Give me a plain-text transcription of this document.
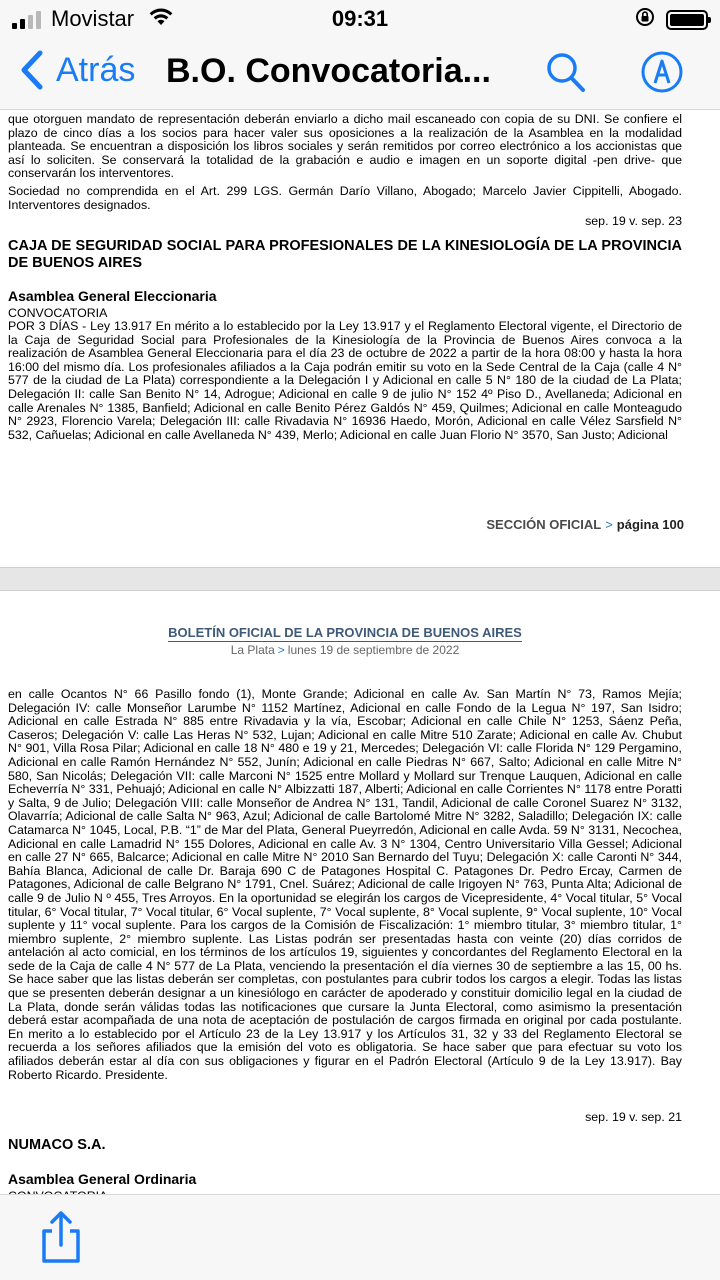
Movistar	09:31
Atrás B.O. Convocatoria...

que otorguen mandato de representación deberán enviarlo a dicho mail escaneado con copia de su DNI. Se confiere el plazo de cinco días a los socios para hacer valer sus oposiciones a la realización de la Asamblea en la modalidad planteada. Se encuentran a disposición los libros sociales y serán remitidos por correo electrónico a los accionistas que así lo soliciten. Se conservará la totalidad de la grabación e audio e imagen en un soporte digital -pen drive- que conservarán los interventores.

Sociedad no comprendida en el Art. 299 LGS. Germán Darío Villano, Abogado; Marcelo Javier Cippitelli, Abogado. Interventores designados.

sep. 19 v. sep. 23
CAJA DE SEGURIDAD SOCIAL PARA PROFESIONALES DE LA KINESIOLOGÍA DE LA PROVINCIA DE BUENOS AIRES
Asamblea General Eleccionaria
CONVOCATORIA

POR 3 DÍAS - Ley 13.917 En mérito a lo establecido por la Ley 13.917 y el Reglamento Electoral vigente, el Directorio de la Caja de Seguridad Social para Profesionales de la Kinesiología de la Provincia de Buenos Aires convoca a la realización de Asamblea General Eleccionaria para el día 23 de octubre de 2022 a partir de la hora 08:00 y hasta la hora 16:00 del mismo día. Los profesionales afiliados a la Caja podrán emitir su voto en la Sede Central de la Caja (calle 4 N° 577 de la ciudad de La Plata) correspondiente a la Delegación I y Adicional en calle 5 N° 180 de la ciudad de La Plata; Delegación II: calle San Benito N° 14, Adrogue; Adicional en calle 9 de julio N° 152 4º Piso D., Avellaneda; Adicional en calle Arenales N° 1385, Banfield; Adicional en calle Benito Pérez Galdós N° 459, Quilmes; Adicional en calle Monteagudo N° 2923, Florencio Varela; Delegación III: calle Rivadavia N° 16936 Haedo, Morón, Adicional en calle Vélez Sarsfield N° 532, Cañuelas; Adicional en calle Avellaneda N° 439, Merlo; Adicional en calle Juan Florio N° 3570, San Justo; Adicional

SECCIÓN OFICIAL > página 100
BOLETÍN OFICIAL DE LA PROVINCIA DE BUENOS AIRES
La Plata > lunes 19 de septiembre de 2022

en calle Ocantos N° 66 Pasillo fondo (1), Monte Grande; Adicional en calle Av. San Martín N° 73, Ramos Mejía; Delegación IV: calle Monseñor Larumbe N° 1152 Martínez, Adicional en calle Fondo de la Legua N° 197, San Isidro; Adicional en calle Estrada N° 885 entre Rivadavia y la vía, Escobar; Adicional en calle Chile N° 1253, Sáenz Peña, Caseros; Delegación V: calle Las Heras N° 532, Lujan; Adicional en calle Mitre 510 Zarate; Adicional en calle Av. Chubut N° 901, Villa Rosa Pilar; Adicional en calle 18 N° 480 e 19 y 21, Mercedes; Delegación VI: calle Florida N° 129 Pergamino, Adicional en calle Ramón Hernández N° 552, Junín; Adicional en calle Piedras N° 667, Salto; Adicional en calle Mitre N° 580, San Nicolás; Delegación VII: calle Marconi N° 1525 entre Mollard y Mollard sur Trenque Lauquen, Adicional en calle Echeverría N° 331, Pehuajó; Adicional en calle N° Albizzatti 187, Alberti; Adicional en calle Corrientes N° 1178 entre Poratti y Salta, 9 de Julio; Delegación VIII: calle Monseñor de Andrea N° 131, Tandil, Adicional de calle Coronel Suarez N° 3132, Olavarría; Adicional de calle Salta N° 963, Azul; Adicional de calle Bartolomé Mitre N° 3282, Saladillo; Delegación IX: calle Catamarca N° 1045, Local, P.B. “1” de Mar del Plata, General Pueyrredón, Adicional en calle Avda. 59 N° 3131, Necochea, Adicional en calle Lamadrid N° 155 Dolores, Adicional en calle Av. 3 N° 1304, Centro Universitario Villa Gessel; Adicional en calle 27 N° 665, Balcarce; Adicional en calle Mitre N° 2010 San Bernardo del Tuyu; Delegación X: calle Caronti N° 344, Bahía Blanca, Adicional de calle Dr. Baraja 690 C de Patagones Hospital C. Patagones Dr. Pedro Ercay, Carmen de Patagones, Adicional de calle Belgrano N° 1791, Cnel. Suárez; Adicional de calle Irigoyen N° 763, Punta Alta; Adicional de calle 9 de Julio N º 455, Tres Arroyos. En la oportunidad se elegirán los cargos de Vicepresidente, 4° Vocal titular, 5° Vocal titular, 6° Vocal titular, 7° Vocal titular, 6° Vocal suplente, 7° Vocal suplente, 8° Vocal suplente, 9° Vocal suplente, 10° Vocal suplente y 11° vocal suplente. Para los cargos de la Comisión de Fiscalización: 1° miembro titular, 3° miembro titular, 1° miembro suplente, 2° miembro suplente. Las Listas podrán ser presentadas hasta con veinte (20) días corridos de antelación al acto comicial, en los términos de los artículos 19, siguientes y concordantes del Reglamento Electoral en la sede de la Caja de calle 4 N° 577 de La Plata, venciendo la presentación el día viernes 30 de septiembre a las 15, 00 hs. Se hace saber que las listas deberán ser completas, con postulantes para cubrir todos los cargos a elegir. Todas las listas que se presenten deberán designar a un kinesiólogo en carácter de apoderado y constituir domicilio legal en la ciudad de La Plata, donde serán válidas todas las notificaciones que cursare la Junta Electoral, como asimismo la presentación deberá estar acompañada de una nota de aceptación de postulación de cargos firmada en original por cada postulante. En merito a lo establecido por el Artículo 23 de la Ley 13.917 y los Artículos 31, 32 y 33 del Reglamento Electoral se recuerda a los señores afiliados que la emisión del voto es obligatoria. Se hace saber que para efectuar su voto los afiliados deberán estar al día con sus obligaciones y figurar en el Padrón Electoral (Artículo 9 de la Ley 13.917). Bay Roberto Ricardo. Presidente.

sep. 19 v. sep. 21
NUMACO S.A.
Asamblea General Ordinaria
